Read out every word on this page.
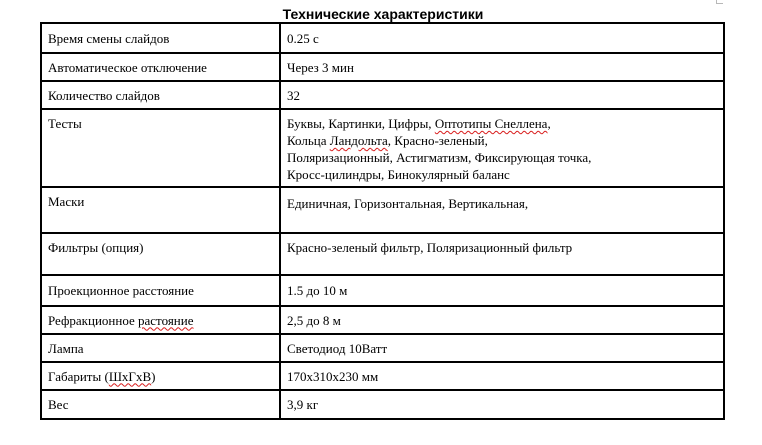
Технические характеристики
Время смены слайдов	0.25 с
Автоматическое отключение	Через 3 мин
Количество слайдов	32
Тесты	Буквы, Картинки, Цифры, Оптотипы Снеллена,
Кольца Ландольта, Красно-зеленый,
Поляризационный, Астигматизм, Фиксирующая точка,
Кросс-цилиндры, Бинокулярный баланс

Маски	Единичная, Горизонтальная, Вертикальная,
Фильтры (опция)	Красно-зеленый фильтр, Поляризационный фильтр
Проекционное расстояние	1.5 до 10 м
Рефракционное растояние	2,5 до 8 м
Лампа	Светодиод 10Ватт
Габариты (ШхГхВ)	170х310х230 мм
Вес	3,9 кг
